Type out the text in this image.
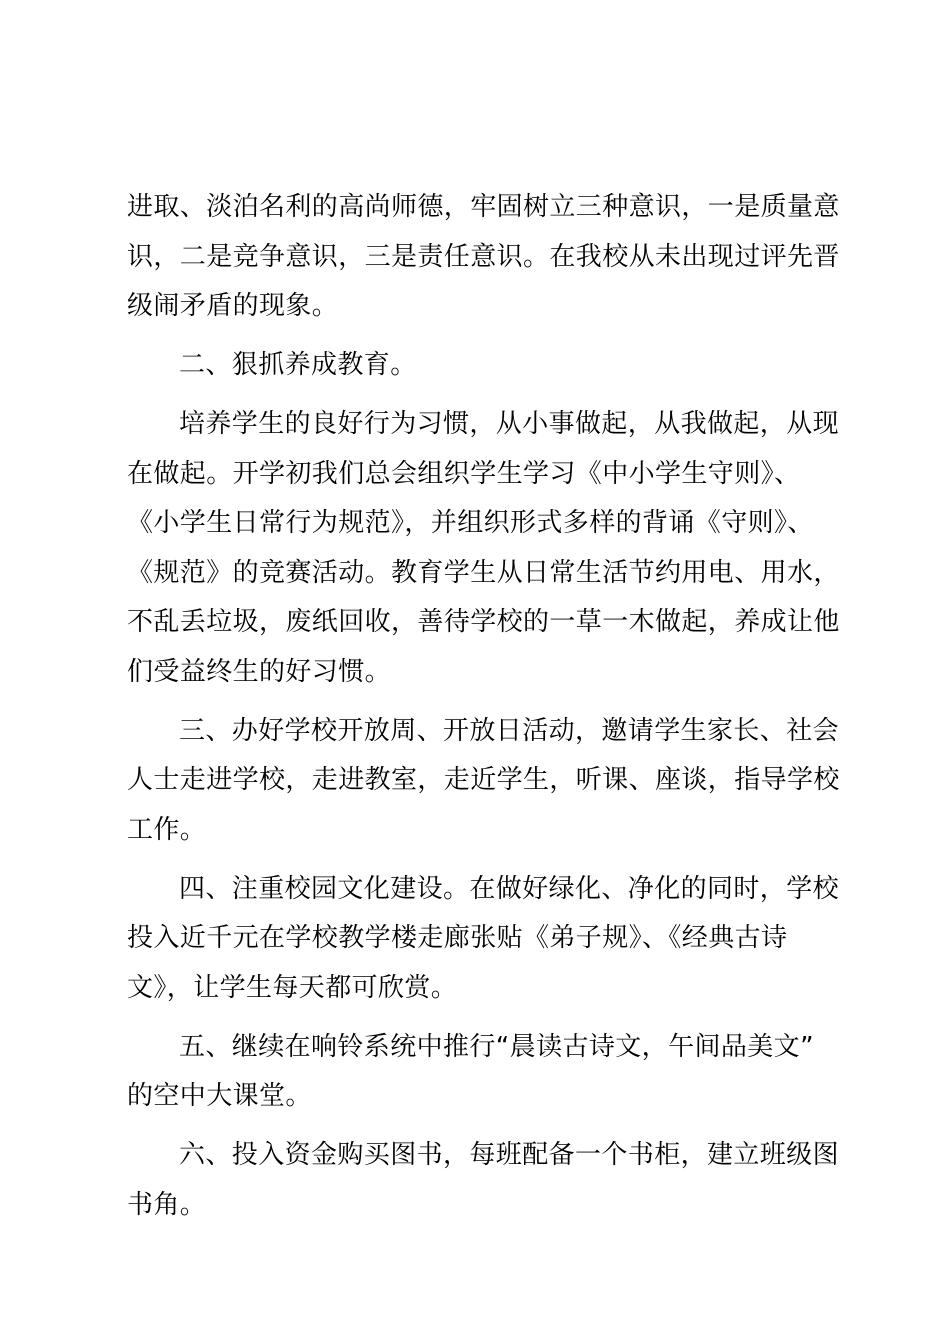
进取、淡泊名利的高尚师德，牢固树立三种意识，一是质量意
识，二是竞争意识，三是责任意识。在我校从未出现过评先晋
级闹矛盾的现象。

二、狠抓养成教育。

培养学生的良好行为习惯，从小事做起，从我做起，从现
在做起。开学初我们总会组织学生学习《中小学生守则》、
《小学生日常行为规范》，并组织形式多样的背诵《守则》、
《规范》的竞赛活动。教育学生从日常生活节约用电、用水，
不乱丢垃圾，废纸回收，善待学校的一草一木做起，养成让他
们受益终生的好习惯。

三、办好学校开放周、开放日活动，邀请学生家长、社会
人士走进学校，走进教室，走近学生，听课、座谈，指导学校
工作。

四、注重校园文化建设。在做好绿化、净化的同时，学校
投入近千元在学校教学楼走廊张贴《弟子规》、《经典古诗
文》，让学生每天都可欣赏。

五、继续在响铃系统中推行“晨读古诗文，午间品美文”
的空中大课堂。

六、投入资金购买图书，每班配备一个书柜，建立班级图
书角。
